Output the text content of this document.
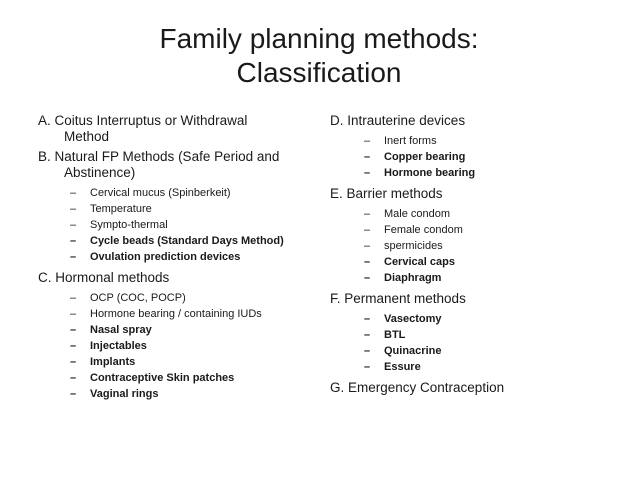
Family planning methods:
Classification
A. Coitus Interruptus or Withdrawal
Method
B. Natural FP Methods (Safe Period and
Abstinence)
– Cervical mucus (Spinberkeit)
– Temperature
– Sympto-thermal
– Cycle beads (Standard Days Method)
– Ovulation prediction devices
C. Hormonal methods
– OCP (COC, POCP)
– Hormone bearing / containing IUDs
– Nasal spray
– Injectables
– Implants
– Contraceptive Skin patches
– Vaginal rings
D. Intrauterine devices
– Inert forms
– Copper bearing
– Hormone bearing
E. Barrier methods
– Male condom
– Female condom
– spermicides
– Cervical caps
– Diaphragm
F. Permanent methods
– Vasectomy
– BTL
– Quinacrine
– Essure
G. Emergency Contraception
